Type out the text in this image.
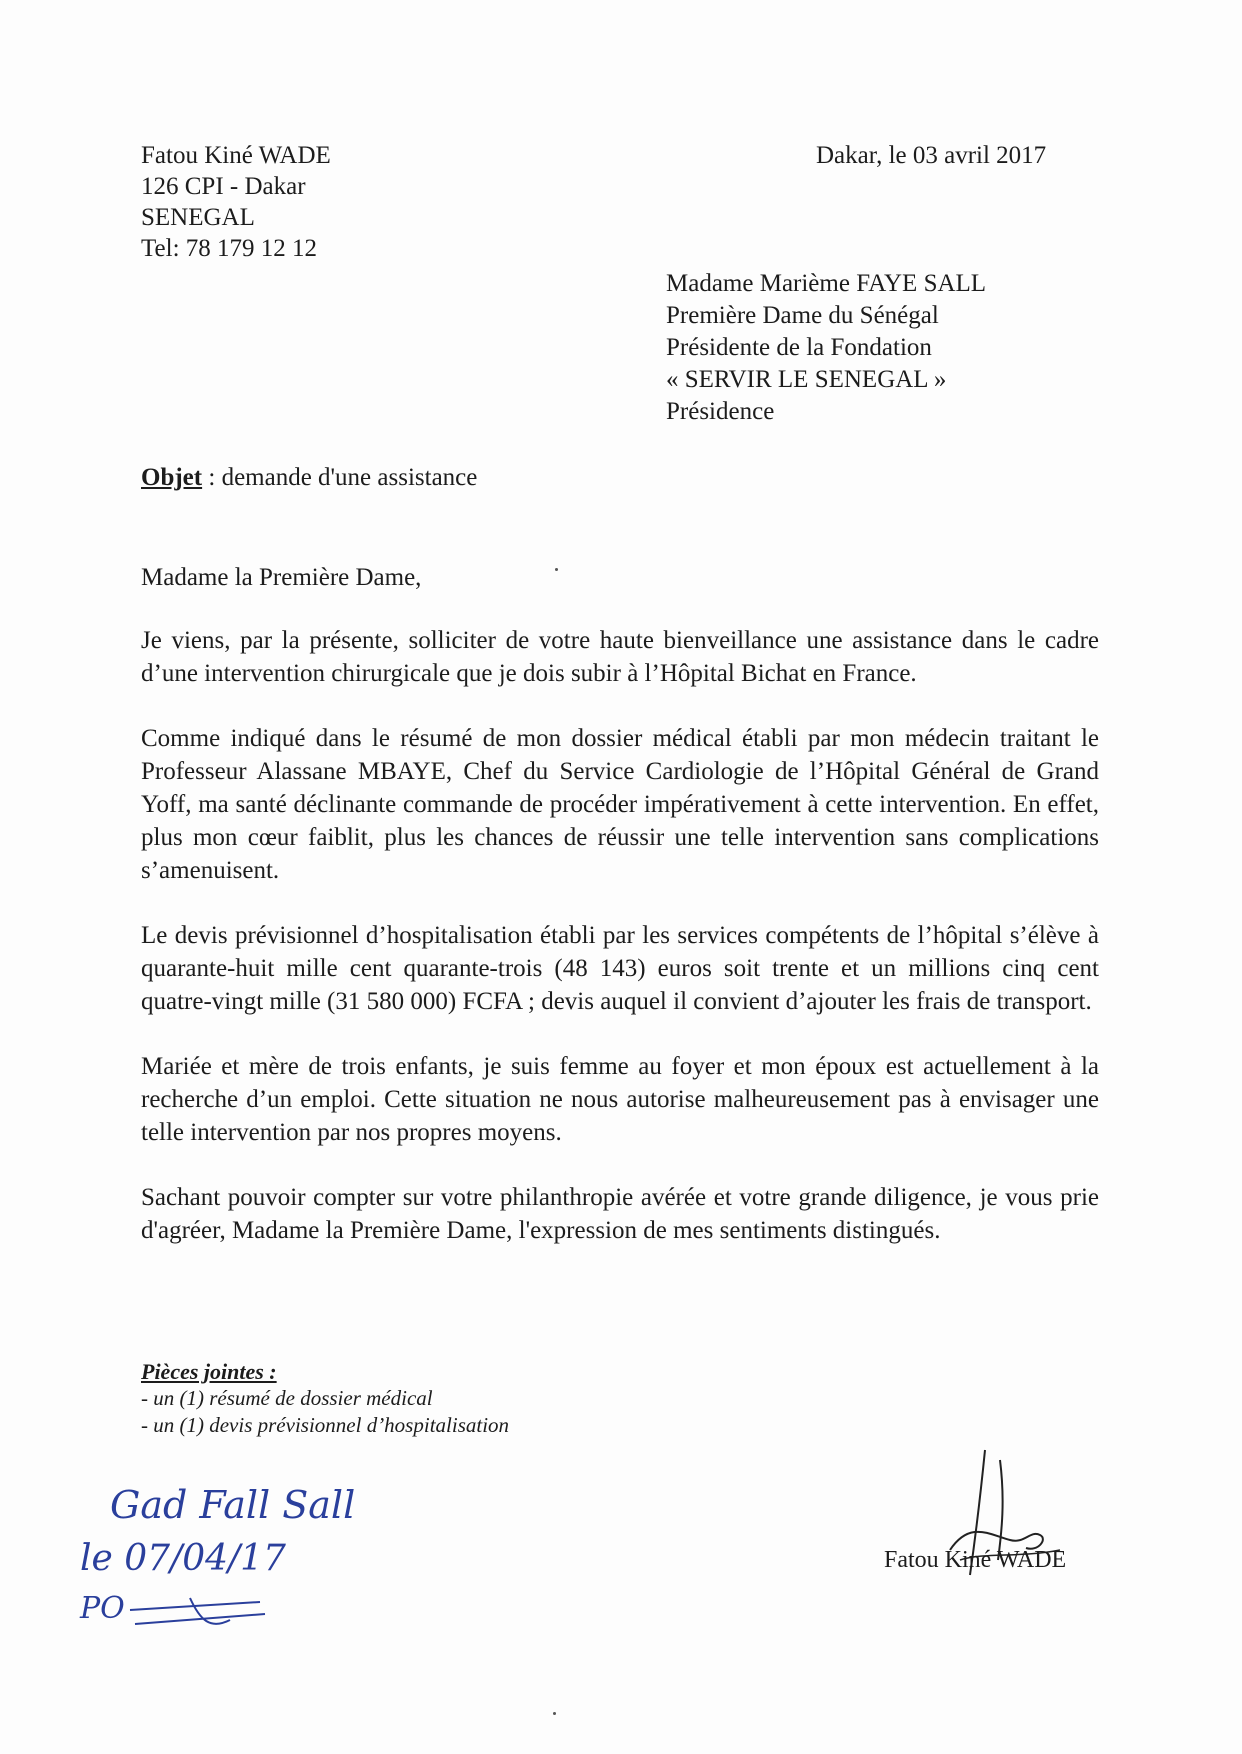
Fatou Kiné WADE
126 CPI - Dakar
SENEGAL
Tel: 78 179 12 12
Dakar, le 03 avril 2017
Madame Marième FAYE SALL
Première Dame du Sénégal
Présidente de la Fondation
« SERVIR LE SENEGAL »
Présidence
Objet : demande d'une assistance
Madame la Première Dame,

Je viens, par la présente, solliciter de votre haute bienveillance une assistance dans le cadre d’une intervention chirurgicale que je dois subir à l’Hôpital Bichat en France.

Comme indiqué dans le résumé de mon dossier médical établi par mon médecin traitant le Professeur Alassane MBAYE, Chef du Service Cardiologie de l’Hôpital Général de Grand Yoff, ma santé déclinante commande de procéder impérativement à cette intervention. En effet, plus mon cœur faiblit, plus les chances de réussir une telle intervention sans complications s’amenuisent.

Le devis prévisionnel d’hospitalisation établi par les services compétents de l’hôpital s’élève à quarante-huit mille cent quarante-trois (48 143) euros soit trente et un millions cinq cent quatre-vingt mille (31 580 000) FCFA ; devis auquel il convient d’ajouter les frais de transport.

Mariée et mère de trois enfants, je suis femme au foyer et mon époux est actuellement à la recherche d’un emploi. Cette situation ne nous autorise malheureusement pas à envisager une telle intervention par nos propres moyens.

Sachant pouvoir compter sur votre philanthropie avérée et votre grande diligence, je vous prie d'agréer, Madame la Première Dame, l'expression de mes sentiments distingués.

Pièces jointes :
- un (1) résumé de dossier médical
- un (1) devis prévisionnel d’hospitalisation
Fatou Kiné WADE
Gad Fall Sall
le 07/04/17
PO
